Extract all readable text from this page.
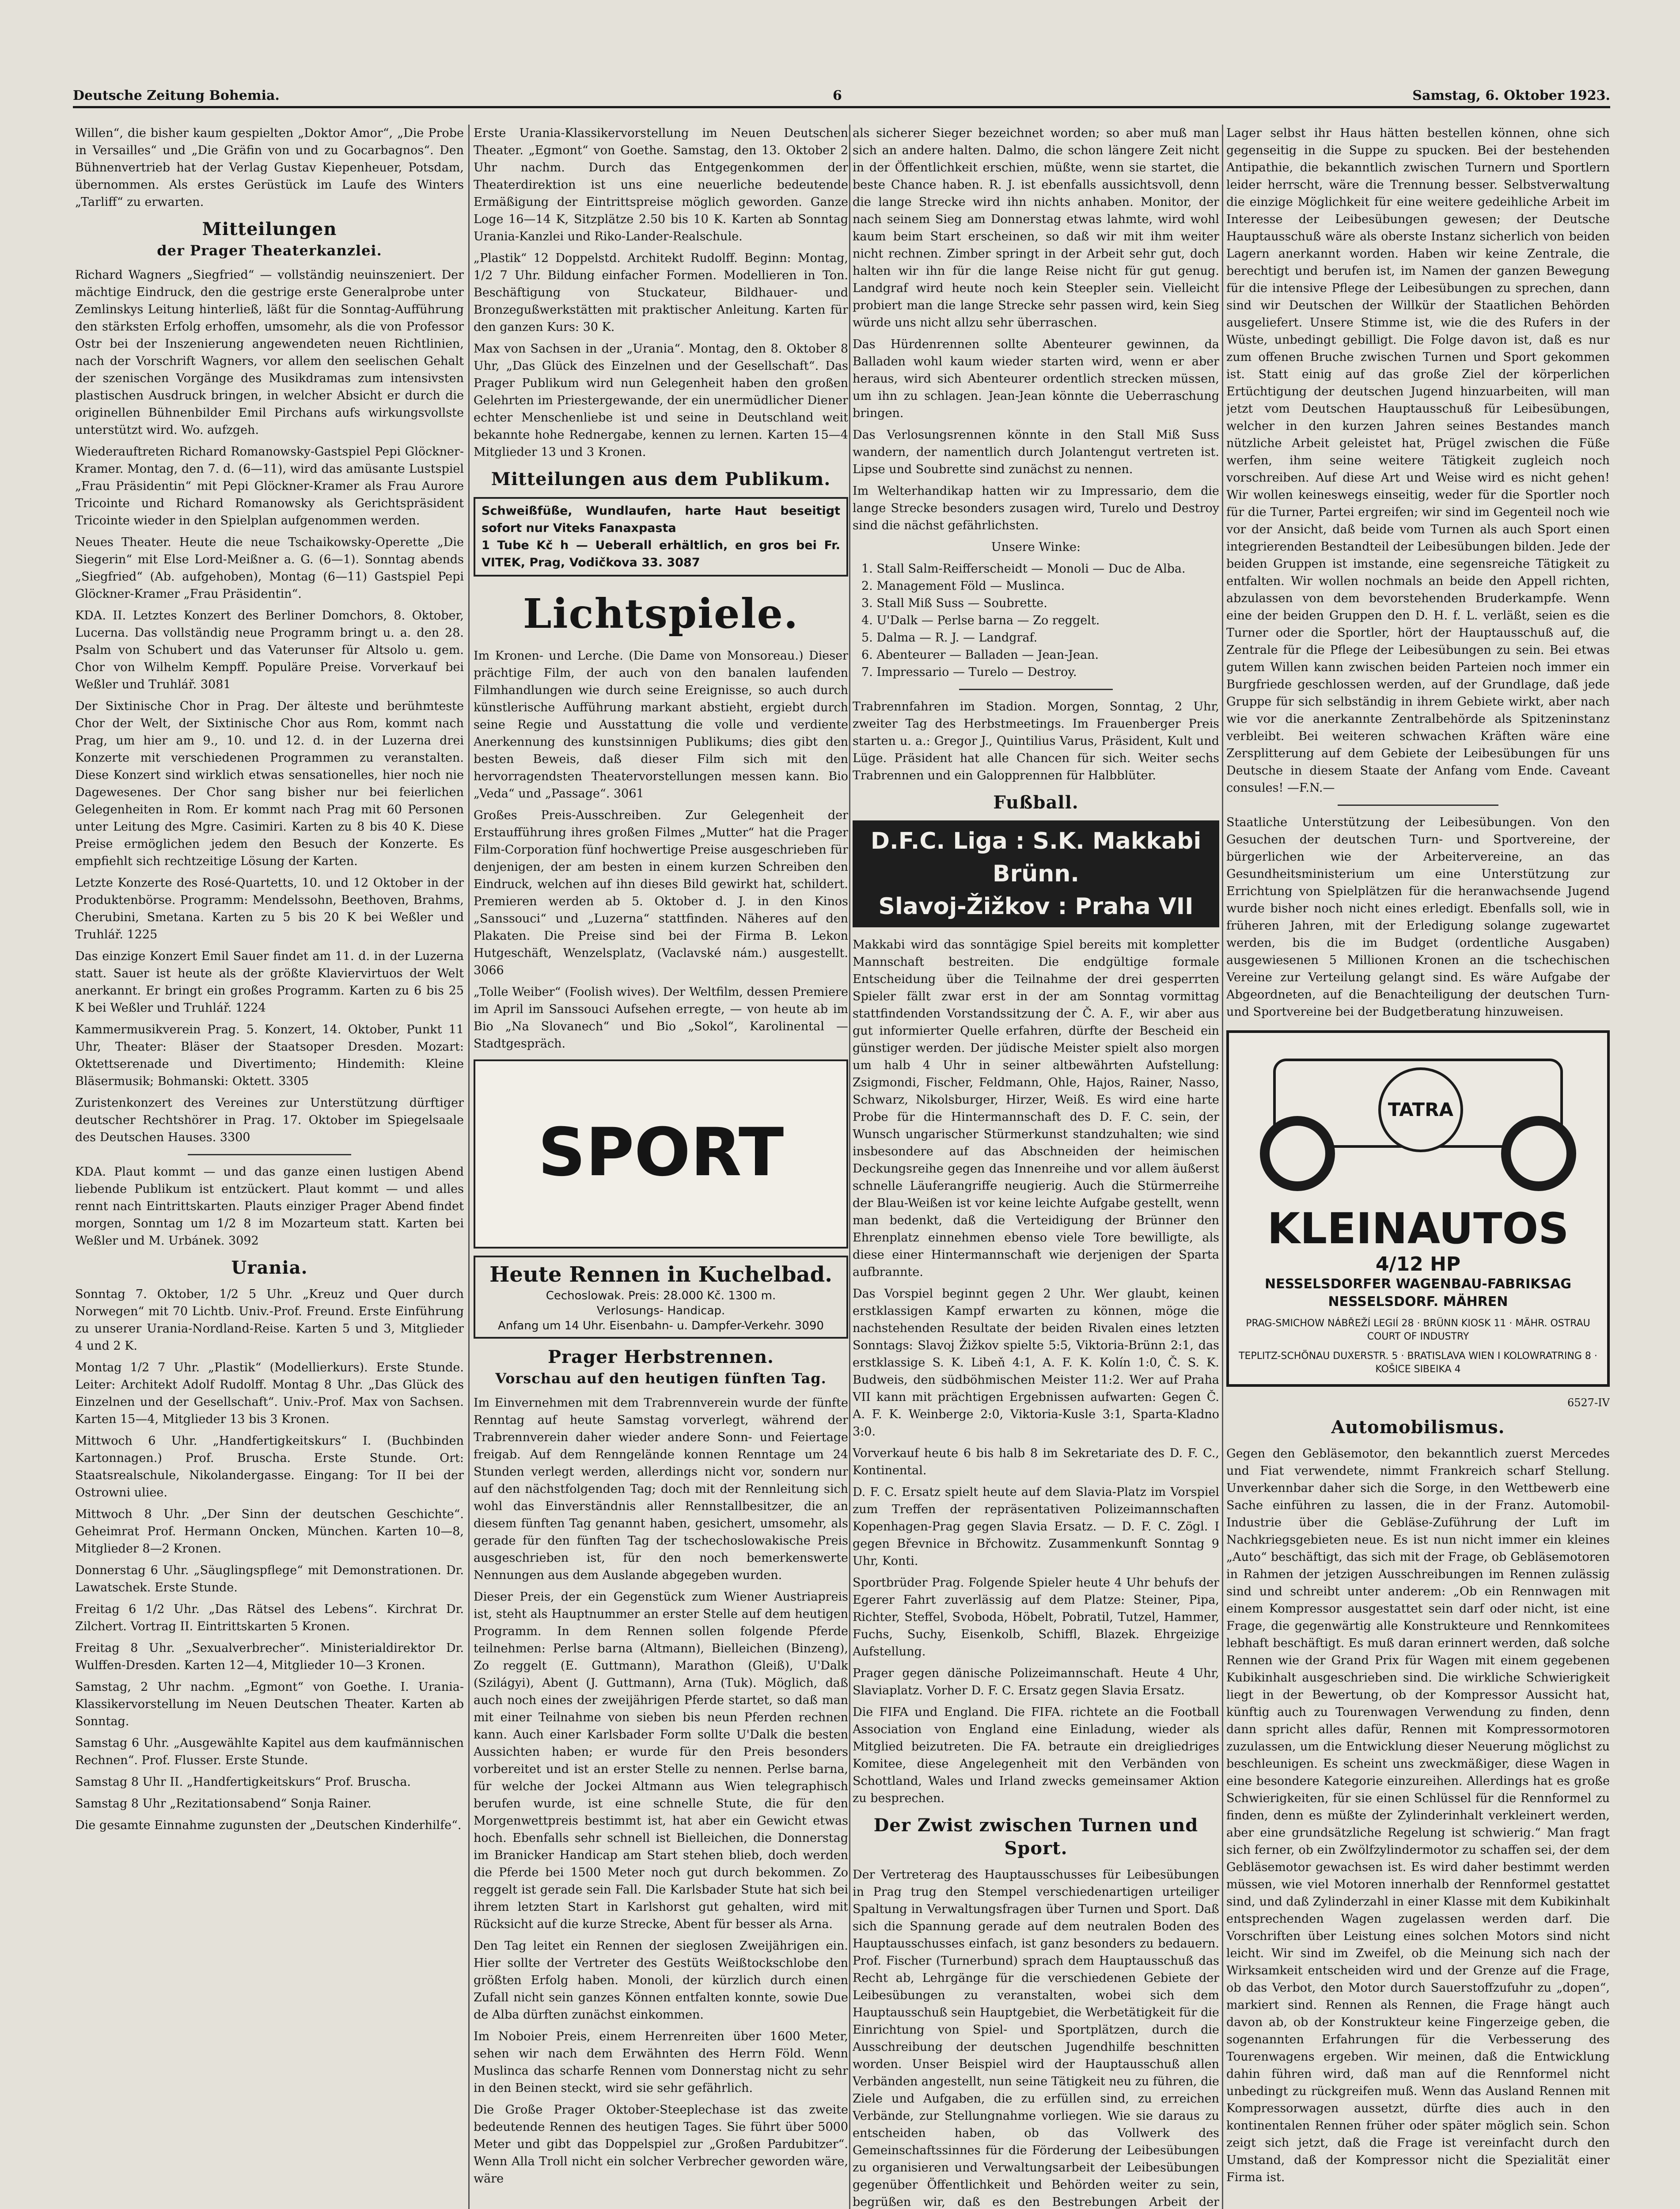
Deutsche Zeitung Bohemia.	6	Samstag, 6. Oktober 1923.

Willen“, die bisher kaum gespielten „Doktor Amor“, „Die Probe in Versailles“ und „Die Gräfin von und zu Gocarbagnos“. Den Bühnenvertrieb hat der Verlag Gustav Kiepenheuer, Potsdam, übernommen. Als erstes Gerüstück im Laufe des Winters „Tarliff“ zu erwarten.

Mitteilungen
der Prager Theaterkanzlei.

Richard Wagners „Siegfried“ — vollständig neuinszeniert. Der mächtige Eindruck, den die gestrige erste Generalprobe unter Zemlinskys Leitung hinterließ, läßt für die Sonntag-Aufführung den stärksten Erfolg erhoffen, umsomehr, als die von Professor Ostr bei der Inszenierung angewendeten neuen Richtlinien, nach der Vorschrift Wagners, vor allem den seelischen Gehalt der szenischen Vorgänge des Musikdramas zum intensivsten plastischen Ausdruck bringen, in welcher Absicht er durch die originellen Bühnenbilder Emil Pirchans aufs wirkungsvollste unterstützt wird. Wo. aufzgeh.

Wiederauftreten Richard Romanowsky-Gastspiel Pepi Glöckner-Kramer. Montag, den 7. d. (6—11), wird das amüsante Lustspiel „Frau Präsidentin“ mit Pepi Glöckner-Kramer als Frau Aurore Tricointe und Richard Romanowsky als Gerichtspräsident Tricointe wieder in den Spielplan aufgenommen werden.

Neues Theater. Heute die neue Tschaikowsky-Operette „Die Siegerin“ mit Else Lord-Meißner a. G. (6—1). Sonntag abends „Siegfried“ (Ab. aufgehoben), Montag (6—11) Gastspiel Pepi Glöckner-Kramer „Frau Präsidentin“.

KDA. II. Letztes Konzert des Berliner Domchors, 8. Oktober, Lucerna. Das vollständig neue Programm bringt u. a. den 28. Psalm von Schubert und das Vaterunser für Altsolo u. gem. Chor von Wilhelm Kempff. Populäre Preise. Vorverkauf bei Weßler und Truhlář. 3081

Der Sixtinische Chor in Prag. Der älteste und berühmteste Chor der Welt, der Sixtinische Chor aus Rom, kommt nach Prag, um hier am 9., 10. und 12. d. in der Luzerna drei Konzerte mit verschiedenen Programmen zu veranstalten. Diese Konzert sind wirklich etwas sensationelles, hier noch nie Dagewesenes. Der Chor sang bisher nur bei feierlichen Gelegenheiten in Rom. Er kommt nach Prag mit 60 Personen unter Leitung des Mgre. Casimiri. Karten zu 8 bis 40 K. Diese Preise ermöglichen jedem den Besuch der Konzerte. Es empfiehlt sich rechtzeitige Lösung der Karten.

Letzte Konzerte des Rosé-Quartetts, 10. und 12 Oktober in der Produktenbörse. Programm: Mendelssohn, Beethoven, Brahms, Cherubini, Smetana. Karten zu 5 bis 20 K bei Weßler und Truhlář. 1225

Das einzige Konzert Emil Sauer findet am 11. d. in der Luzerna statt. Sauer ist heute als der größte Klaviervirtuos der Welt anerkannt. Er bringt ein großes Programm. Karten zu 6 bis 25 K bei Weßler und Truhlář. 1224

Kammermusikverein Prag. 5. Konzert, 14. Oktober, Punkt 11 Uhr, Theater: Bläser der Staatsoper Dresden. Mozart: Oktettserenade und Divertimento; Hindemith: Kleine Bläsermusik; Bohmanski: Oktett. 3305

Zuristenkonzert des Vereines zur Unterstützung dürftiger deutscher Rechtshörer in Prag. 17. Oktober im Spiegelsaale des Deutschen Hauses. 3300

KDA. Plaut kommt — und das ganze einen lustigen Abend liebende Publikum ist entzückert. Plaut kommt — und alles rennt nach Eintrittskarten. Plauts einziger Prager Abend findet morgen, Sonntag um 1/2 8 im Mozarteum statt. Karten bei Weßler und M. Urbánek. 3092

Urania.

Sonntag 7. Oktober, 1/2 5 Uhr. „Kreuz und Quer durch Norwegen“ mit 70 Lichtb. Univ.-Prof. Freund. Erste Einführung zu unserer Urania-Nordland-Reise. Karten 5 und 3, Mitglieder 4 und 2 K.

Montag 1/2 7 Uhr. „Plastik“ (Modellierkurs). Erste Stunde. Leiter: Architekt Adolf Rudolff. Montag 8 Uhr. „Das Glück des Einzelnen und der Gesellschaft“. Univ.-Prof. Max von Sachsen. Karten 15—4, Mitglieder 13 bis 3 Kronen.

Mittwoch 6 Uhr. „Handfertigkeitskurs“ I. (Buchbinden Kartonnagen.) Prof. Bruscha. Erste Stunde. Ort: Staatsrealschule, Nikolandergasse. Eingang: Tor II bei der Ostrowni uliee.

Mittwoch 8 Uhr. „Der Sinn der deutschen Geschichte“. Geheimrat Prof. Hermann Oncken, München. Karten 10—8, Mitglieder 8—2 Kronen.

Donnerstag 6 Uhr. „Säuglingspflege“ mit Demonstrationen. Dr. Lawatschek. Erste Stunde.

Freitag 6 1/2 Uhr. „Das Rätsel des Lebens“. Kirchrat Dr. Zilchert. Vortrag II. Eintrittskarten 5 Kronen.

Freitag 8 Uhr. „Sexualverbrecher“. Ministerialdirektor Dr. Wulffen-Dresden. Karten 12—4, Mitglieder 10—3 Kronen.

Samstag, 2 Uhr nachm. „Egmont“ von Goethe. I. Urania-Klassikervorstellung im Neuen Deutschen Theater. Karten ab Sonntag.

Samstag 6 Uhr. „Ausgewählte Kapitel aus dem kaufmännischen Rechnen“. Prof. Flusser. Erste Stunde.

Samstag 8 Uhr II. „Handfertigkeitskurs“ Prof. Bruscha.

Samstag 8 Uhr „Rezitationsabend“ Sonja Rainer.

Die gesamte Einnahme zugunsten der „Deutschen Kinderhilfe“.

Erste Urania-Klassikervorstellung im Neuen Deutschen Theater. „Egmont“ von Goethe. Samstag, den 13. Oktober 2 Uhr nachm. Durch das Entgegenkommen der Theaterdirektion ist uns eine neuerliche bedeutende Ermäßigung der Eintrittspreise möglich geworden. Ganze Loge 16—14 K, Sitzplätze 2.50 bis 10 K. Karten ab Sonntag Urania-Kanzlei und Riko-Lander-Realschule.

„Plastik“ 12 Doppelstd. Architekt Rudolff. Beginn: Montag, 1/2 7 Uhr. Bildung einfacher Formen. Modellieren in Ton. Beschäftigung von Stuckateur, Bildhauer- und Bronzegußwerkstätten mit praktischer Anleitung. Karten für den ganzen Kurs: 30 K.

Max von Sachsen in der „Urania“. Montag, den 8. Oktober 8 Uhr, „Das Glück des Einzelnen und der Gesellschaft“. Das Prager Publikum wird nun Gelegenheit haben den großen Gelehrten im Priestergewande, der ein unermüdlicher Diener echter Menschenliebe ist und seine in Deutschland weit bekannte hohe Rednergabe, kennen zu lernen. Karten 15—4 Mitglieder 13 und 3 Kronen.

Mitteilungen aus dem Publikum.

Schweißfüße, Wundlaufen, harte Haut beseitigt sofort nur Viteks Fanaxpasta

1 Tube Kč h — Ueberall erhältlich, en gros bei Fr. VITEK, Prag, Vodičkova 33. 3087

Lichtspiele.

Im Kronen- und Lerche. (Die Dame von Monsoreau.) Dieser prächtige Film, der auch von den banalen laufenden Filmhandlungen wie durch seine Ereignisse, so auch durch künstlerische Aufführung markant abstieht, ergiebt durch seine Regie und Ausstattung die volle und verdiente Anerkennung des kunstsinnigen Publikums; dies gibt den besten Beweis, daß dieser Film sich mit den hervorragendsten Theatervorstellungen messen kann. Bio „Veda“ und „Passage“. 3061

Großes Preis-Ausschreiben. Zur Gelegenheit der Erstaufführung ihres großen Filmes „Mutter“ hat die Prager Film-Corporation fünf hochwertige Preise ausgeschrieben für denjenigen, der am besten in einem kurzen Schreiben den Eindruck, welchen auf ihn dieses Bild gewirkt hat, schildert. Premieren werden ab 5. Oktober d. J. in den Kinos „Sanssouci“ und „Luzerna“ stattfinden. Näheres auf den Plakaten. Die Preise sind bei der Firma B. Lekon Hutgeschäft, Wenzelsplatz, (Vaclavské nám.) ausgestellt. 3066

„Tolle Weiber“ (Foolish wives). Der Weltfilm, dessen Premiere im April im Sanssouci Aufsehen erregte, — von heute ab im Bio „Na Slovanech“ und Bio „Sokol“, Karolinental — Stadtgespräch.

SPORT
Heute Rennen in Kuchelbad.
Cechoslowak. Preis: 28.000 Kč. 1300 m.
Verlosungs- Handicap.
Anfang um 14 Uhr. Eisenbahn- u. Dampfer-Verkehr. 3090
Prager Herbstrennen.
Vorschau auf den heutigen fünften Tag.

Im Einvernehmen mit dem Trabrennverein wurde der fünfte Renntag auf heute Samstag vorverlegt, während der Trabrennverein daher wieder andere Sonn- und Feiertage freigab. Auf dem Renngelände konnen Renntage um 24 Stunden verlegt werden, allerdings nicht vor, sondern nur auf den nächstfolgenden Tag; doch mit der Rennleitung sich wohl das Einverständnis aller Rennstallbesitzer, die an diesem fünften Tag genannt haben, gesichert, umsomehr, als gerade für den fünften Tag der tschechoslowakische Preis ausgeschrieben ist, für den noch bemerkenswerte Nennungen aus dem Auslande abgegeben wurden.

Dieser Preis, der ein Gegenstück zum Wiener Austriapreis ist, steht als Hauptnummer an erster Stelle auf dem heutigen Programm. In dem Rennen sollen folgende Pferde teilnehmen: Perlse barna (Altmann), Bielleichen (Binzeng), Zo reggelt (E. Guttmann), Marathon (Gleiß), U'Dalk (Szilágyi), Abent (J. Guttmann), Arna (Tuk). Möglich, daß auch noch eines der zweijährigen Pferde startet, so daß man mit einer Teilnahme von sieben bis neun Pferden rechnen kann. Auch einer Karlsbader Form sollte U'Dalk die besten Aussichten haben; er wurde für den Preis besonders vorbereitet und ist an erster Stelle zu nennen. Perlse barna, für welche der Jockei Altmann aus Wien telegraphisch berufen wurde, ist eine schnelle Stute, die für den Morgenwettpreis bestimmt ist, hat aber ein Gewicht etwas hoch. Ebenfalls sehr schnell ist Bielleichen, die Donnerstag im Branicker Handicap am Start stehen blieb, doch werden die Pferde bei 1500 Meter noch gut durch bekommen. Zo reggelt ist gerade sein Fall. Die Karlsbader Stute hat sich bei ihrem letzten Start in Karlshorst gut gehalten, wird mit Rücksicht auf die kurze Strecke, Abent für besser als Arna.

Den Tag leitet ein Rennen der sieglosen Zweijährigen ein. Hier sollte der Vertreter des Gestüts Weißtockschlobe den größten Erfolg haben. Monoli, der kürzlich durch einen Zufall nicht sein ganzes Können entfalten konnte, sowie Due de Alba dürften zunächst einkommen.

Im Noboier Preis, einem Herrenreiten über 1600 Meter, sehen wir nach dem Erwähnten des Herrn Föld. Wenn Muslinca das scharfe Rennen vom Donnerstag nicht zu sehr in den Beinen steckt, wird sie sehr gefährlich.

Die Große Prager Oktober-Steeplechase ist das zweite bedeutende Rennen des heutigen Tages. Sie führt über 5000 Meter und gibt das Doppelspiel zur „Großen Pardubitzer“. Wenn Alla Troll nicht ein solcher Verbrecher geworden wäre, wäre

als sicherer Sieger bezeichnet worden; so aber muß man sich an andere halten. Dalmo, die schon längere Zeit nicht in der Öffentlichkeit erschien, müßte, wenn sie startet, die beste Chance haben. R. J. ist ebenfalls aussichtsvoll, denn die lange Strecke wird ihn nichts anhaben. Monitor, der nach seinem Sieg am Donnerstag etwas lahmte, wird wohl kaum beim Start erscheinen, so daß wir mit ihm weiter nicht rechnen. Zimber springt in der Arbeit sehr gut, doch halten wir ihn für die lange Reise nicht für gut genug. Landgraf wird heute noch kein Steepler sein. Vielleicht probiert man die lange Strecke sehr passen wird, kein Sieg würde uns nicht allzu sehr überraschen.

Das Hürdenrennen sollte Abenteurer gewinnen, da Balladen wohl kaum wieder starten wird, wenn er aber heraus, wird sich Abenteurer ordentlich strecken müssen, um ihn zu schlagen. Jean-Jean könnte die Ueberraschung bringen.

Das Verlosungsrennen könnte in den Stall Miß Suss wandern, der namentlich durch Jolantengut vertreten ist. Lipse und Soubrette sind zunächst zu nennen.

Im Welterhandikap hatten wir zu Impressario, dem die lange Strecke besonders zusagen wird, Turelo und Destroy sind die nächst gefährlichsten.

Unsere Winke:
1. Stall Salm-Reifferscheidt — Monoli — Duc de Alba.
2. Management Föld — Muslinca.
3. Stall Miß Suss — Soubrette.
4. U'Dalk — Perlse barna — Zo reggelt.
5. Dalma — R. J. — Landgraf.
6. Abenteurer — Balladen — Jean-Jean.
7. Impressario — Turelo — Destroy.

Trabrennfahren im Stadion. Morgen, Sonntag, 2 Uhr, zweiter Tag des Herbstmeetings. Im Frauenberger Preis starten u. a.: Gregor J., Quintilius Varus, Präsident, Kult und Lüge. Präsident hat alle Chancen für sich. Weiter sechs Trabrennen und ein Galopprennen für Halbblüter.

Fußball.
D.F.C. Liga : S.K. Makkabi Brünn.
Slavoj-Žižkov : Praha VII

Makkabi wird das sonntägige Spiel bereits mit kompletter Mannschaft bestreiten. Die endgültige formale Entscheidung über die Teilnahme der drei gesperrten Spieler fällt zwar erst in der am Sonntag vormittag stattfindenden Vorstandssitzung der Č. A. F., wir aber aus gut informierter Quelle erfahren, dürfte der Bescheid ein günstiger werden. Der jüdische Meister spielt also morgen um halb 4 Uhr in seiner altbewährten Aufstellung: Zsigmondi, Fischer, Feldmann, Ohle, Hajos, Rainer, Nasso, Schwarz, Nikolsburger, Hirzer, Weiß. Es wird eine harte Probe für die Hintermannschaft des D. F. C. sein, der Wunsch ungarischer Stürmerkunst standzuhalten; wie sind insbesondere auf das Abschneiden der heimischen Deckungsreihe gegen das Innenreihe und vor allem äußerst schnelle Läuferangriffe neugierig. Auch die Stürmerreihe der Blau-Weißen ist vor keine leichte Aufgabe gestellt, wenn man bedenkt, daß die Verteidigung der Brünner den Ehrenplatz einnehmen ebenso viele Tore bewilligte, als diese einer Hintermannschaft wie derjenigen der Sparta aufbrannte.

Das Vorspiel beginnt gegen 2 Uhr. Wer glaubt, keinen erstklassigen Kampf erwarten zu können, möge die nachstehenden Resultate der beiden Rivalen eines letzten Sonntags: Slavoj Žižkov spielte 5:5, Viktoria-Brünn 2:1, das erstklassige S. K. Libeň 4:1, A. F. K. Kolín 1:0, Č. S. K. Budweis, den südböhmischen Meister 11:2. Wer auf Praha VII kann mit prächtigen Ergebnissen aufwarten: Gegen Č. A. F. K. Weinberge 2:0, Viktoria-Kusle 3:1, Sparta-Kladno 3:0.

Vorverkauf heute 6 bis halb 8 im Sekretariate des D. F. C., Kontinental.

D. F. C. Ersatz spielt heute auf dem Slavia-Platz im Vorspiel zum Treffen der repräsentativen Polizeimannschaften Kopenhagen-Prag gegen Slavia Ersatz. — D. F. C. Zögl. I gegen Břevnice in Břchowitz. Zusammenkunft Sonntag 9 Uhr, Konti.

Sportbrüder Prag. Folgende Spieler heute 4 Uhr behufs der Egerer Fahrt zuverlässig auf dem Platze: Steiner, Pipa, Richter, Steffel, Svoboda, Höbelt, Pobratil, Tutzel, Hammer, Fuchs, Suchy, Eisenkolb, Schiffl, Blazek. Ehrgeizige Aufstellung.

Prager gegen dänische Polizeimannschaft. Heute 4 Uhr, Slaviaplatz. Vorher D. F. C. Ersatz gegen Slavia Ersatz.

Die FIFA und England. Die FIFA. richtete an die Football Association von England eine Einladung, wieder als Mitglied beizutreten. Die FA. betraute ein dreigliedriges Komitee, diese Angelegenheit mit den Verbänden von Schottland, Wales und Irland zwecks gemeinsamer Aktion zu besprechen.

Der Zwist zwischen Turnen und Sport.

Der Vertreterag des Hauptausschusses für Leibesübungen in Prag trug den Stempel verschiedenartigen urteiliger Spaltung in Verwaltungsfragen über Turnen und Sport. Daß sich die Spannung gerade auf dem neutralen Boden des Hauptausschusses einfach, ist ganz besonders zu bedauern. Prof. Fischer (Turnerbund) sprach dem Hauptausschuß das Recht ab, Lehrgänge für die verschiedenen Gebiete der Leibesübungen zu veranstalten, wobei sich dem Hauptausschuß sein Hauptgebiet, die Werbetätigkeit für die Einrichtung von Spiel- und Sportplätzen, durch die Ausschreibung der deutschen Jugendhilfe beschnitten worden. Unser Beispiel wird der Hauptausschuß allen Verbänden angestellt, nun seine Tätigkeit neu zu führen, die Ziele und Aufgaben, die zu erfüllen sind, zu erreichen Verbände, zur Stellungnahme vorliegen. Wie sie daraus zu entscheiden haben, ob das Vollwerk des Gemeinschaftssinnes für die Förderung der Leibesübungen zu organisieren und Verwaltungsarbeit der Leibesübungen gegenüber Öffentlichkeit und Behörden weiter zu sein, begrüßen wir, daß es den Bestrebungen Arbeit der

Lager selbst ihr Haus hätten bestellen können, ohne sich gegenseitig in die Suppe zu spucken. Bei der bestehenden Antipathie, die bekanntlich zwischen Turnern und Sportlern leider herrscht, wäre die Trennung besser. Selbstverwaltung die einzige Möglichkeit für eine weitere gedeihliche Arbeit im Interesse der Leibesübungen gewesen; der Deutsche Hauptausschuß wäre als oberste Instanz sicherlich von beiden Lagern anerkannt worden. Haben wir keine Zentrale, die berechtigt und berufen ist, im Namen der ganzen Bewegung für die intensive Pflege der Leibesübungen zu sprechen, dann sind wir Deutschen der Willkür der Staatlichen Behörden ausgeliefert. Unsere Stimme ist, wie die des Rufers in der Wüste, unbedingt gebilligt. Die Folge davon ist, daß es nur zum offenen Bruche zwischen Turnen und Sport gekommen ist. Statt einig auf das große Ziel der körperlichen Ertüchtigung der deutschen Jugend hinzuarbeiten, will man jetzt vom Deutschen Hauptausschuß für Leibesübungen, welcher in den kurzen Jahren seines Bestandes manch nützliche Arbeit geleistet hat, Prügel zwischen die Füße werfen, ihm seine weitere Tätigkeit zugleich noch vorschreiben. Auf diese Art und Weise wird es nicht gehen! Wir wollen keineswegs einseitig, weder für die Sportler noch für die Turner, Partei ergreifen; wir sind im Gegenteil noch wie vor der Ansicht, daß beide vom Turnen als auch Sport einen integrierenden Bestandteil der Leibesübungen bilden. Jede der beiden Gruppen ist imstande, eine segensreiche Tätigkeit zu entfalten. Wir wollen nochmals an beide den Appell richten, abzulassen von dem bevorstehenden Bruderkampfe. Wenn eine der beiden Gruppen den D. H. f. L. verläßt, seien es die Turner oder die Sportler, hört der Hauptausschuß auf, die Zentrale für die Pflege der Leibesübungen zu sein. Bei etwas gutem Willen kann zwischen beiden Parteien noch immer ein Burgfriede geschlossen werden, auf der Grundlage, daß jede Gruppe für sich selbständig in ihrem Gebiete wirkt, aber nach wie vor die anerkannte Zentralbehörde als Spitzeninstanz verbleibt. Bei weiteren schwachen Kräften wäre eine Zersplitterung auf dem Gebiete der Leibesübungen für uns Deutsche in diesem Staate der Anfang vom Ende. Caveant consules! —F.N.—

Staatliche Unterstützung der Leibesübungen. Von den Gesuchen der deutschen Turn- und Sportvereine, der bürgerlichen wie der Arbeitervereine, an das Gesundheitsministerium um eine Unterstützung zur Errichtung von Spielplätzen für die heranwachsende Jugend wurde bisher noch nicht eines erledigt. Ebenfalls soll, wie in früheren Jahren, mit der Erledigung solange zugewartet werden, bis die im Budget (ordentliche Ausgaben) ausgewiesenen 5 Millionen Kronen an die tschechischen Vereine zur Verteilung gelangt sind. Es wäre Aufgabe der Abgeordneten, auf die Benachteiligung der deutschen Turn- und Sportvereine bei der Budgetberatung hinzuweisen.

TATRA
KLEINAUTOS
4/12 HP
NESSELSDORFER WAGENBAU-FABRIKSAG
NESSELSDORF. MÄHREN
PRAG-SMICHOW NÁBŘEŽÍ LEGIÍ 28 · BRÜNN KIOSK 11 · MÄHR. OSTRAU COURT OF INDUSTRY
TEPLITZ-SCHÖNAU DUXERSTR. 5 · BRATISLAVA WIEN I KOLOWRATRING 8 · KOŠICE SIBEIKA 4
6527-IV
Automobilismus.

Gegen den Gebläsemotor, den bekanntlich zuerst Mercedes und Fiat verwendete, nimmt Frankreich scharf Stellung. Unverkennbar daher sich die Sorge, in den Wettbewerb eine Sache einführen zu lassen, die in der Franz. Automobil-Industrie über die Gebläse-Zuführung der Luft im Nachkriegsgebieten neue. Es ist nun nicht immer ein kleines „Auto“ beschäftigt, das sich mit der Frage, ob Gebläsemotoren in Rahmen der jetzigen Ausschreibungen im Rennen zulässig sind und schreibt unter anderem: „Ob ein Rennwagen mit einem Kompressor ausgestattet sein darf oder nicht, ist eine Frage, die gegenwärtig alle Konstrukteure und Rennkomitees lebhaft beschäftigt. Es muß daran erinnert werden, daß solche Rennen wie der Grand Prix für Wagen mit einem gegebenen Kubikinhalt ausgeschrieben sind. Die wirkliche Schwierigkeit liegt in der Bewertung, ob der Kompressor Aussicht hat, künftig auch zu Tourenwagen Verwendung zu finden, denn dann spricht alles dafür, Rennen mit Kompressormotoren zuzulassen, um die Entwicklung dieser Neuerung möglichst zu beschleunigen. Es scheint uns zweckmäßiger, diese Wagen in eine besondere Kategorie einzureihen. Allerdings hat es große Schwierigkeiten, für sie einen Schlüssel für die Rennformel zu finden, denn es müßte der Zylinderinhalt verkleinert werden, aber eine grundsätzliche Regelung ist schwierig.“ Man fragt sich ferner, ob ein Zwölfzylindermotor zu schaffen sei, der dem Gebläsemotor gewachsen ist. Es wird daher bestimmt werden müssen, wie viel Motoren innerhalb der Rennformel gestattet sind, und daß Zylinderzahl in einer Klasse mit dem Kubikinhalt entsprechenden Wagen zugelassen werden darf. Die Vorschriften über Leistung eines solchen Motors sind nicht leicht. Wir sind im Zweifel, ob die Meinung sich nach der Wirksamkeit entscheiden wird und der Grenze auf die Frage, ob das Verbot, den Motor durch Sauerstoffzufuhr zu „dopen“, markiert sind. Rennen als Rennen, die Frage hängt auch davon ab, ob der Konstrukteur keine Fingerzeige geben, die sogenannten Erfahrungen für die Verbesserung des Tourenwagens ergeben. Wir meinen, daß die Entwicklung dahin führen wird, daß man auf die Rennformel nicht unbedingt zu rückgreifen muß. Wenn das Ausland Rennen mit Kompressorwagen aussetzt, dürfte dies auch in den kontinentalen Rennen früher oder später möglich sein. Schon zeigt sich jetzt, daß die Frage ist vereinfacht durch den Umstand, daß der Kompressor nicht die Spezialität einer Firma ist.
